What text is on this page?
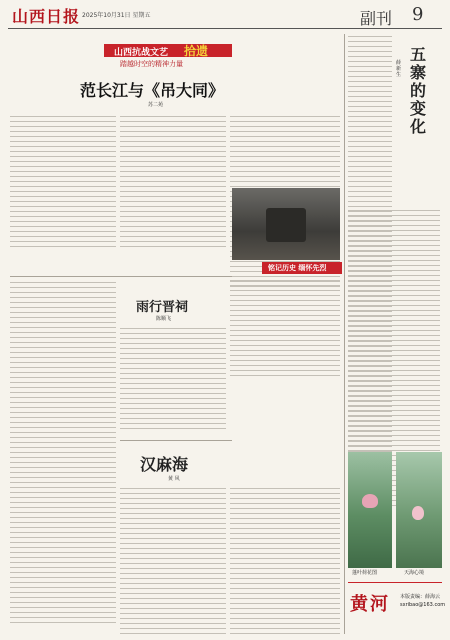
山西日报 2025年10月31日 星期五	副刊 9
山西抗战文艺 拾遗
踏越时空的精神力量
范长江与《吊大同》
苏二苑
铭记历史 缅怀先烈
雨行晋祠
陈顺飞
汉麻海
黄 风
五寨的变化
薛新生
蓬叶荷花图	天海心境
黄河 本版责编：薛海云
sxribao@163.com
